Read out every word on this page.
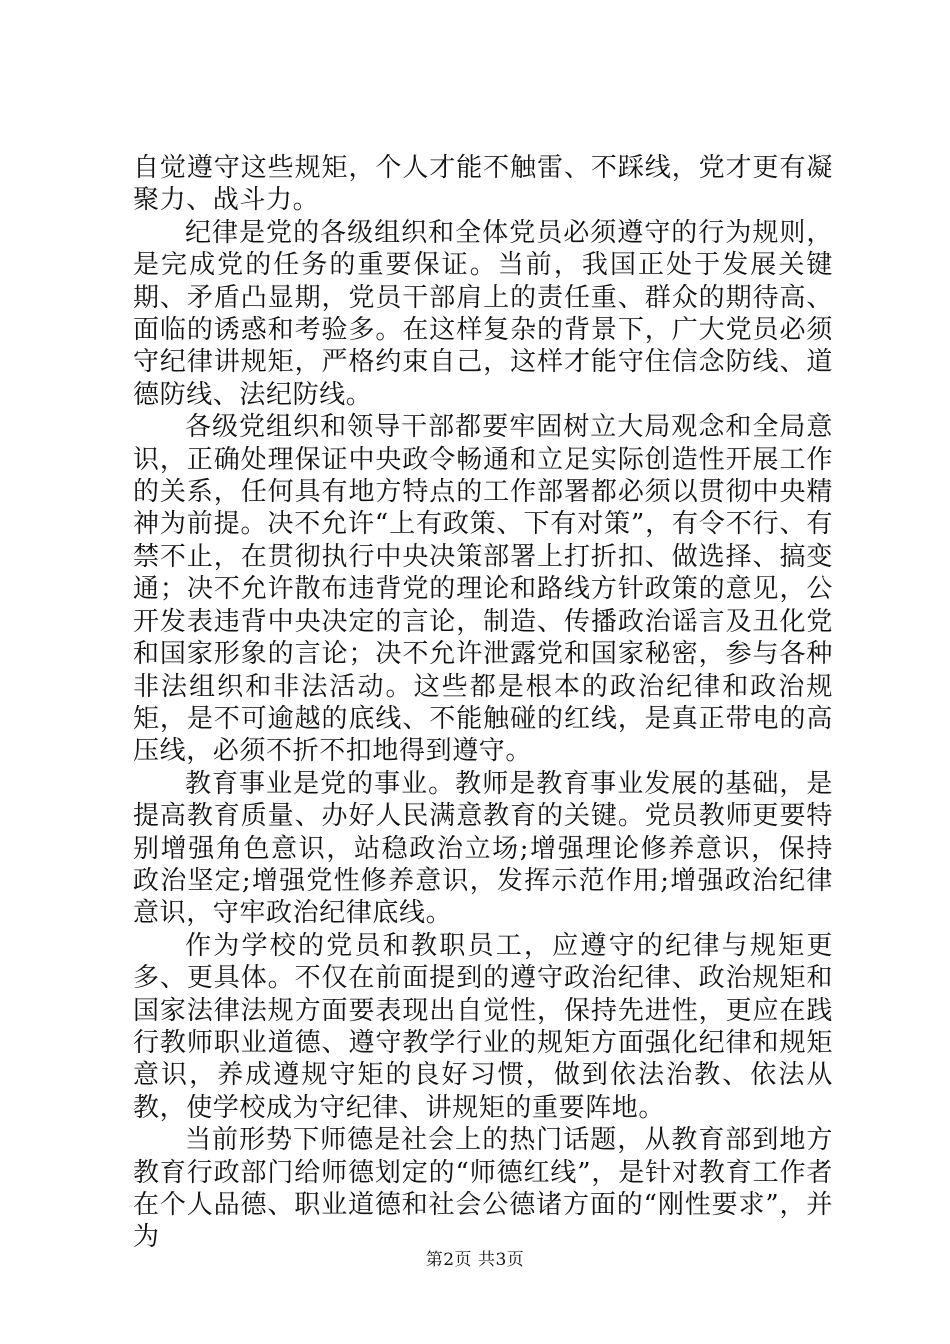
自觉遵守这些规矩，个人才能不触雷、不踩线，党才更有凝聚力、战斗力。

纪律是党的各级组织和全体党员必须遵守的行为规则，是完成党的任务的重要保证。当前，我国正处于发展关键期、矛盾凸显期，党员干部肩上的责任重、群众的期待高、面临的诱惑和考验多。在这样复杂的背景下，广大党员必须守纪律讲规矩，严格约束自己，这样才能守住信念防线、道德防线、法纪防线。

各级党组织和领导干部都要牢固树立大局观念和全局意识，正确处理保证中央政令畅通和立足实际创造性开展工作的关系，任何具有地方特点的工作部署都必须以贯彻中央精神为前提。决不允许“上有政策、下有对策”，有令不行、有禁不止，在贯彻执行中央决策部署上打折扣、做选择、搞变通；决不允许散布违背党的理论和路线方针政策的意见，公开发表违背中央决定的言论，制造、传播政治谣言及丑化党和国家形象的言论；决不允许泄露党和国家秘密，参与各种非法组织和非法活动。这些都是根本的政治纪律和政治规矩，是不可逾越的底线、不能触碰的红线，是真正带电的高压线，必须不折不扣地得到遵守。

教育事业是党的事业。教师是教育事业发展的基础，是提高教育质量、办好人民满意教育的关键。党员教师更要特别增强角色意识，站稳政治立场;增强理论修养意识，保持政治坚定;增强党性修养意识，发挥示范作用;增强政治纪律意识，守牢政治纪律底线。

作为学校的党员和教职员工，应遵守的纪律与规矩更多、更具体。不仅在前面提到的遵守政治纪律、政治规矩和国家法律法规方面要表现出自觉性，保持先进性，更应在践行教师职业道德、遵守教学行业的规矩方面强化纪律和规矩意识，养成遵规守矩的良好习惯，做到依法治教、依法从教，使学校成为守纪律、讲规矩的重要阵地。

当前形势下师德是社会上的热门话题，从教育部到地方教育行政部门给师德划定的“师德红线”，是针对教育工作者在个人品德、职业道德和社会公德诸方面的“刚性要求”，并为

第2页 共3页
